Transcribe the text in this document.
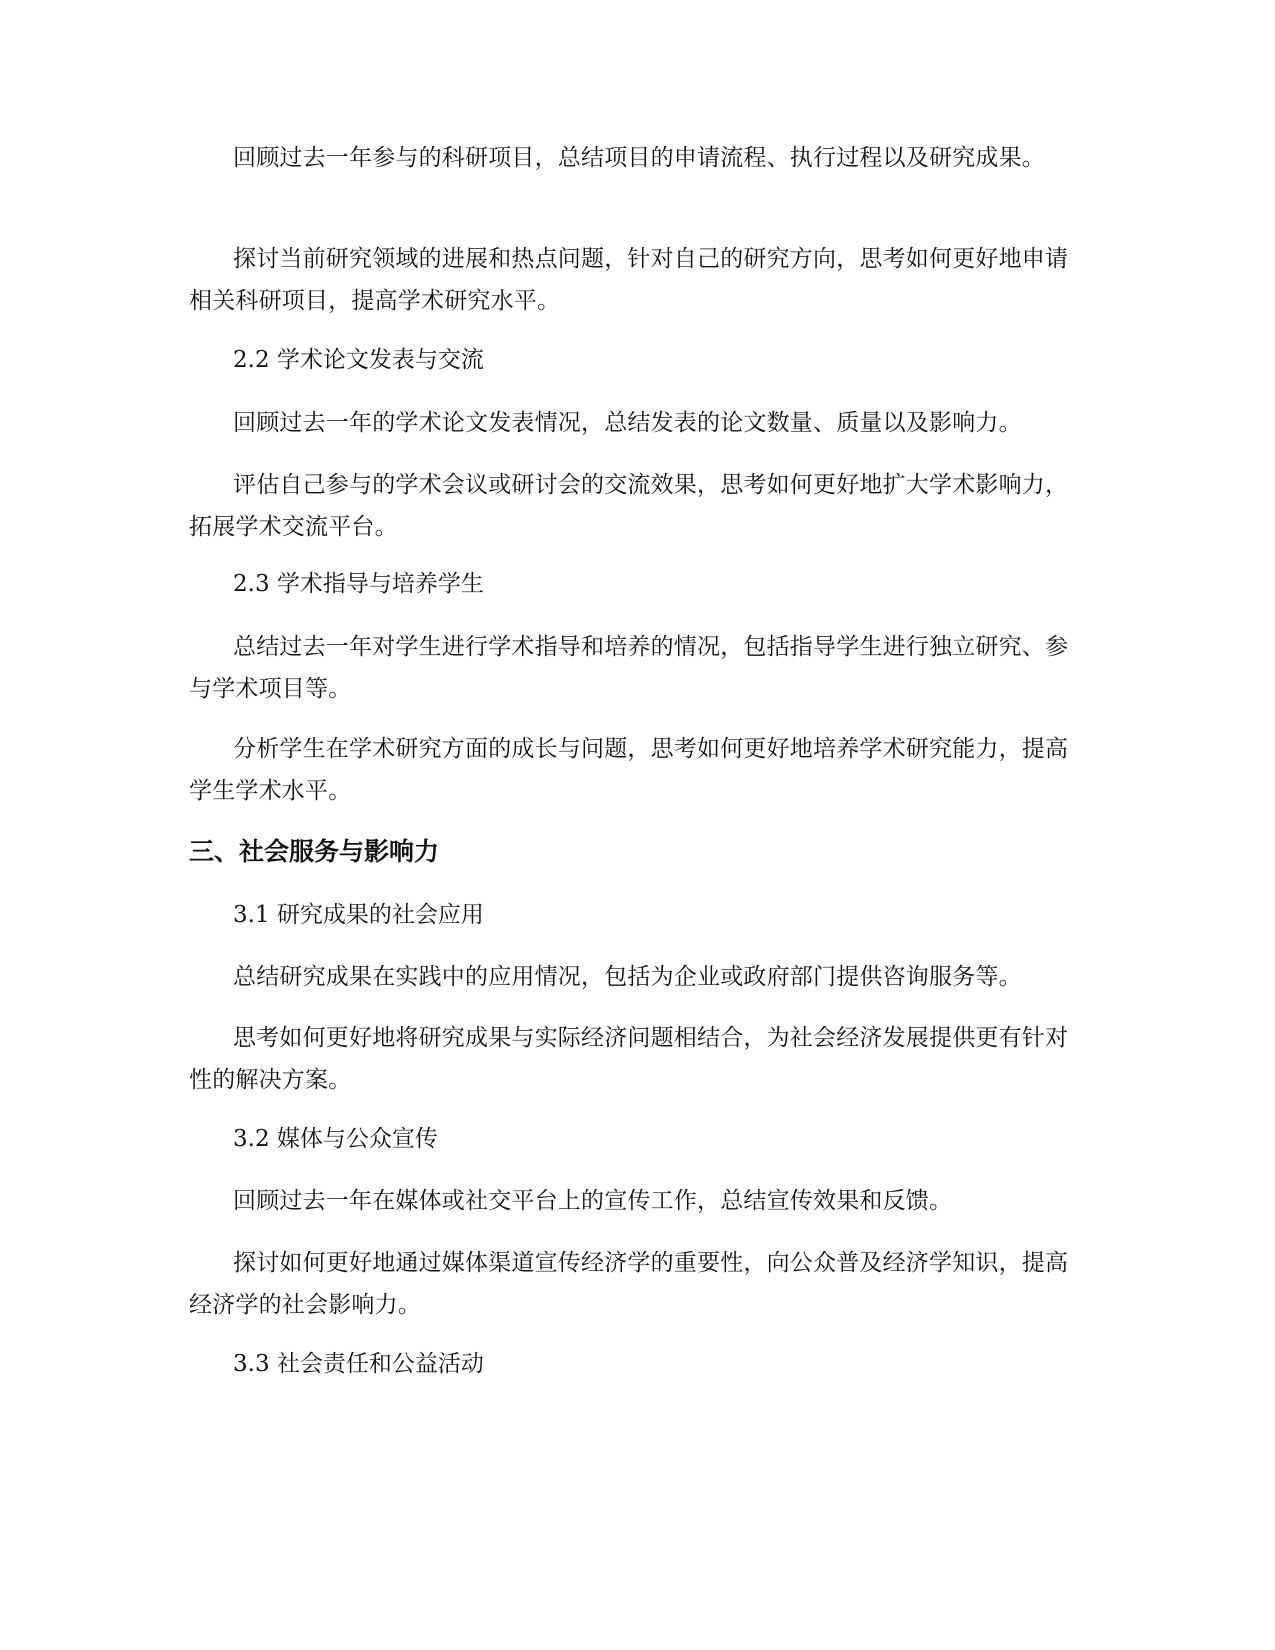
回顾过去一年参与的科研项目，总结项目的申请流程、执行过程以及研究成果。

探讨当前研究领域的进展和热点问题，针对自己的研究方向，思考如何更好地申请相关科研项目，提高学术研究水平。

2.2 学术论文发表与交流

回顾过去一年的学术论文发表情况，总结发表的论文数量、质量以及影响力。

评估自己参与的学术会议或研讨会的交流效果，思考如何更好地扩大学术影响力，拓展学术交流平台。

2.3 学术指导与培养学生

总结过去一年对学生进行学术指导和培养的情况，包括指导学生进行独立研究、参与学术项目等。

分析学生在学术研究方面的成长与问题，思考如何更好地培养学术研究能力，提高学生学术水平。

三、社会服务与影响力

3.1 研究成果的社会应用

总结研究成果在实践中的应用情况，包括为企业或政府部门提供咨询服务等。

思考如何更好地将研究成果与实际经济问题相结合，为社会经济发展提供更有针对性的解决方案。

3.2 媒体与公众宣传

回顾过去一年在媒体或社交平台上的宣传工作，总结宣传效果和反馈。

探讨如何更好地通过媒体渠道宣传经济学的重要性，向公众普及经济学知识，提高经济学的社会影响力。

3.3 社会责任和公益活动
